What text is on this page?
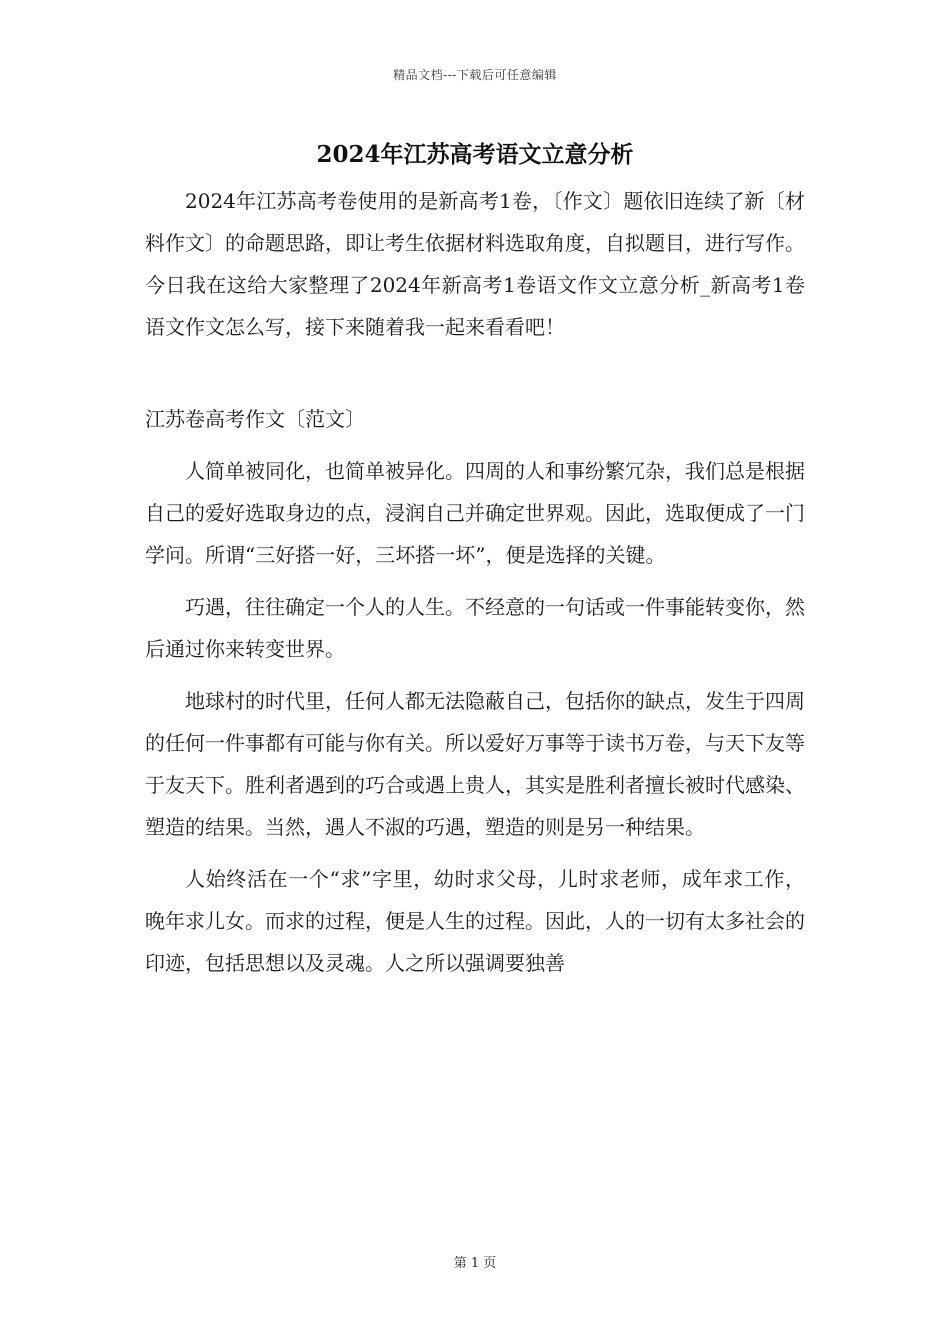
精品文档---下载后可任意编辑
2024年江苏高考语文立意分析

2024年江苏高考卷使用的是新高考1卷，〔作文〕题依旧连续了新〔材料作文〕的命题思路，即让考生依据材料选取角度，自拟题目，进行写作。今日我在这给大家整理了2024年新高考1卷语文作文立意分析_新高考1卷语文作文怎么写，接下来随着我一起来看看吧！

江苏卷高考作文〔范文〕

人简单被同化，也简单被异化。四周的人和事纷繁冗杂，我们总是根据自己的爱好选取身边的点，浸润自己并确定世界观。因此，选取便成了一门学问。所谓“三好搭一好，三坏搭一坏”，便是选择的关键。

巧遇，往往确定一个人的人生。不经意的一句话或一件事能转变你，然后通过你来转变世界。

地球村的时代里，任何人都无法隐蔽自己，包括你的缺点，发生于四周的任何一件事都有可能与你有关。所以爱好万事等于读书万卷，与天下友等于友天下。胜利者遇到的巧合或遇上贵人，其实是胜利者擅长被时代感染、塑造的结果。当然，遇人不淑的巧遇，塑造的则是另一种结果。

人始终活在一个“求”字里，幼时求父母，儿时求老师，成年求工作，晚年求儿女。而求的过程，便是人生的过程。因此，人的一切有太多社会的印迹，包括思想以及灵魂。人之所以强调要独善

第 1 页
